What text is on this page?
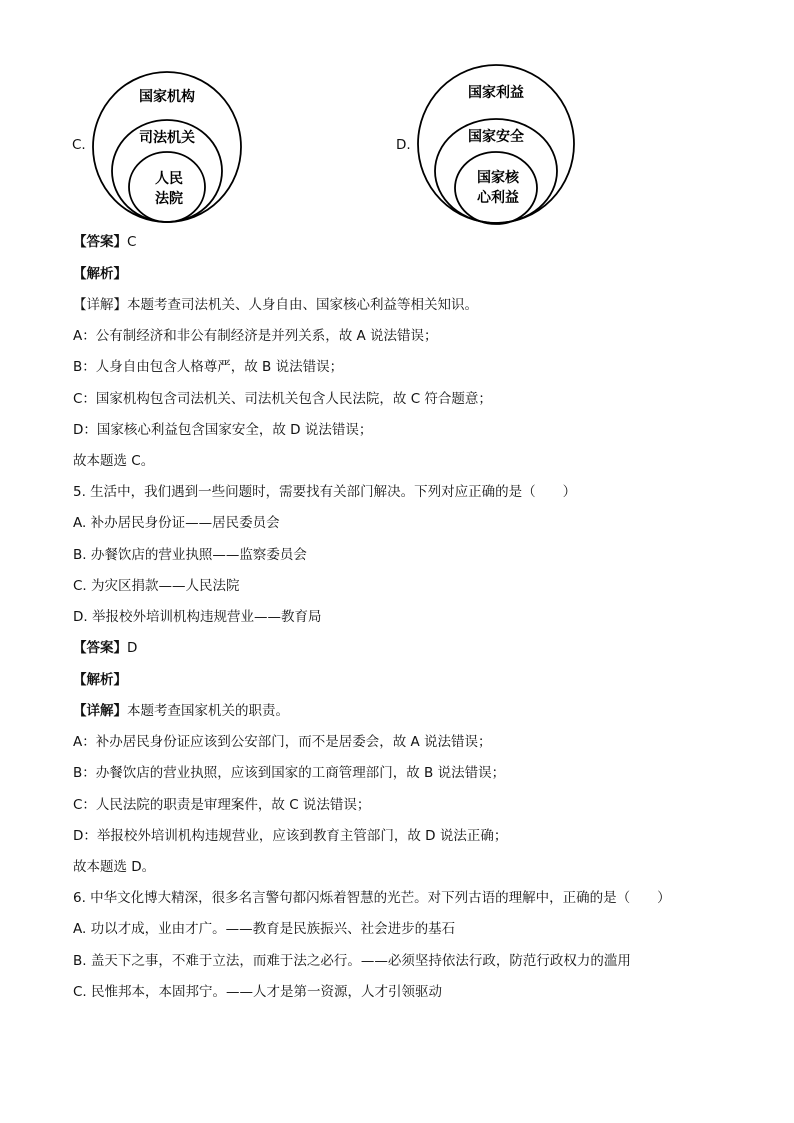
C.
国家机构
司法机关
人民
法院
D.
国家利益
国家安全
国家核
心利益
【答案】C
【解析】
【详解】本题考查司法机关、人身自由、国家核心利益等相关知识。
A：公有制经济和非公有制经济是并列关系，故 A 说法错误；
B：人身自由包含人格尊严，故 B 说法错误；
C：国家机构包含司法机关、司法机关包含人民法院，故 C 符合题意；
D：国家核心利益包含国家安全，故 D 说法错误；
故本题选 C。
5. 生活中，我们遇到一些问题时，需要找有关部门解决。下列对应正确的是（　　）
A. 补办居民身份证——居民委员会
B. 办餐饮店的营业执照——监察委员会
C. 为灾区捐款——人民法院
D. 举报校外培训机构违规营业——教育局
【答案】D
【解析】
【详解】本题考查国家机关的职责。
A：补办居民身份证应该到公安部门，而不是居委会，故 A 说法错误；
B：办餐饮店的营业执照，应该到国家的工商管理部门，故 B 说法错误；
C：人民法院的职责是审理案件，故 C 说法错误；
D：举报校外培训机构违规营业，应该到教育主管部门，故 D 说法正确；
故本题选 D。
6. 中华文化博大精深，很多名言警句都闪烁着智慧的光芒。对下列古语的理解中，正确的是（　　）
A. 功以才成，业由才广。——教育是民族振兴、社会进步的基石
B. 盖天下之事，不难于立法，而难于法之必行。——必须坚持依法行政，防范行政权力的滥用
C. 民惟邦本，本固邦宁。——人才是第一资源，人才引领驱动
